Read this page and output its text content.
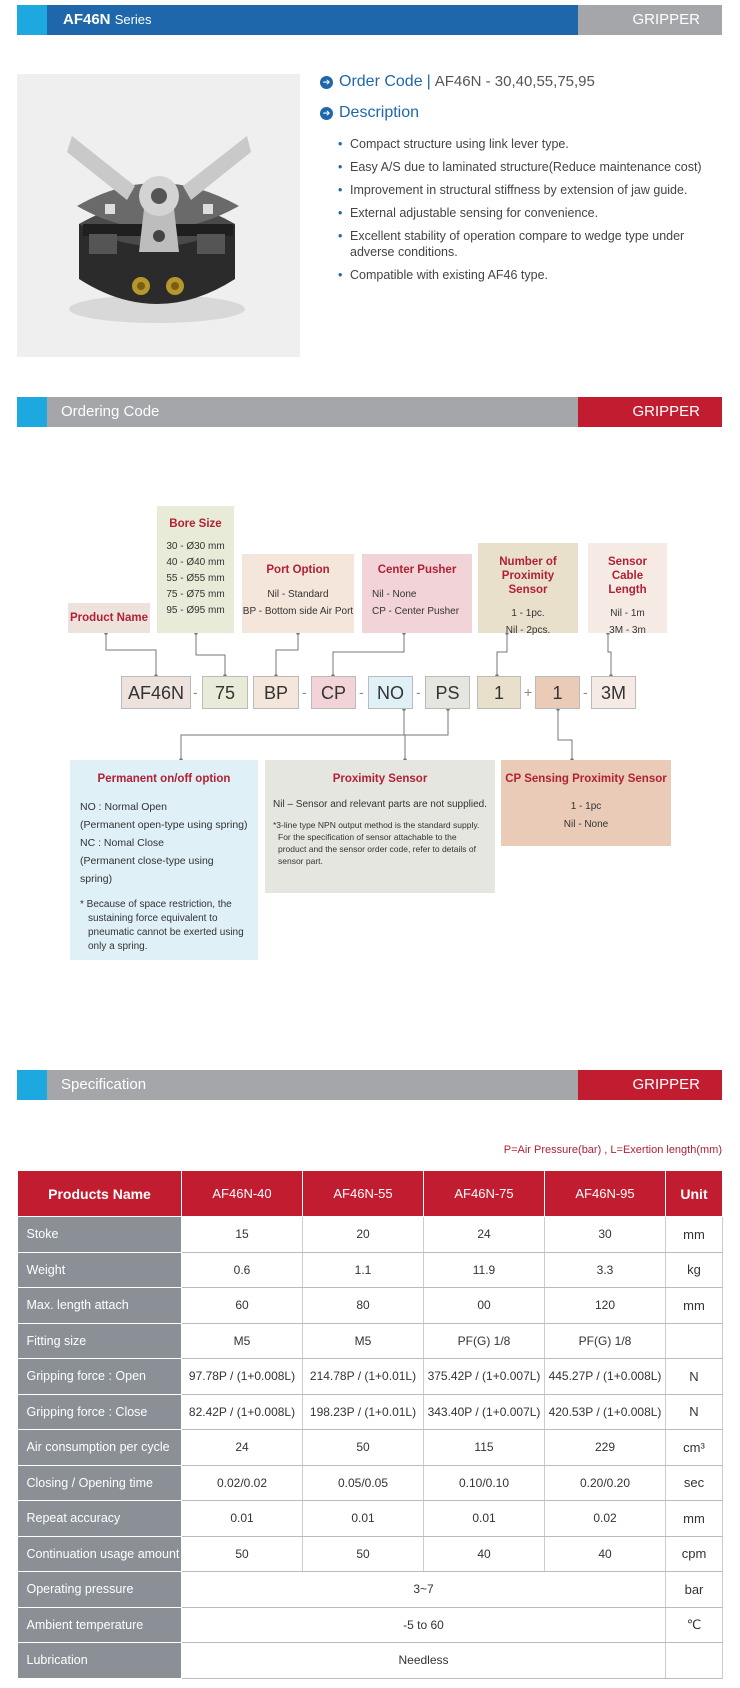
AF46N Series	GRIPPER
➔ Order Code | AF46N - 30,40,55,75,95
➔ Description
• Compact structure using link lever type.
• Easy A/S due to laminated structure(Reduce maintenance cost)
• Improvement in structural stiffness by extension of jaw guide.
• External adjustable sensing for convenience.
• Excellent stability of operation compare to wedge type under adverse conditions.
• Compatible with existing AF46 type.
Ordering Code	GRIPPER
Product Name
Bore Size
30 - Ø30 mm
40 - Ø40 mm
55 - Ø55 mm
75 - Ø75 mm
95 - Ø95 mm
Port Option
Nil - Standard
BP - Bottom side Air Port
Center Pusher
Nil - None
CP - Center Pusher
Number of Proximity Sensor
1 - 1pc.
Nil - 2pcs.
Sensor Cable Length
Nil - 1m
3M - 3m
AF46N - 75	BP	- CP - NO - PS	1	+	1	- 3M
Permanent on/off option
NO : Normal Open
(Permanent open-type using spring)
NC : Nomal Close
(Permanent close-type using spring)
* Because of space restriction, the sustaining force equivalent to pneumatic cannot be exerted using only a spring.
Proximity Sensor
Nil – Sensor and relevant parts are not supplied.
*3-line type NPN output method is the standard supply. For the specification of sensor attachable to the product and the sensor order code, refer to details of sensor part.
CP Sensing Proximity Sensor
1 - 1pc
Nil - None
Specification	GRIPPER
P=Air Pressure(bar) , L=Exertion length(mm)
Products Name	AF46N-40	AF46N-55	AF46N-75	AF46N-95	Unit
Stoke	15	20	24	30	mm
Weight	0.6	1.1	11.9	3.3	kg
Max. length attach	60	80	00	120	mm
Fitting size	M5	M5	PF(G) 1/8	PF(G) 1/8	
Gripping force : Open	97.78P / (1+0.008L)	214.78P / (1+0.01L)	375.42P / (1+0.007L)	445.27P / (1+0.008L)	N
Gripping force : Close	82.42P / (1+0.008L)	198.23P / (1+0.01L)	343.40P / (1+0.007L)	420.53P / (1+0.008L)	N
Air consumption per cycle	24	50	115	229	cm³
Closing / Opening time	0.02/0.02	0.05/0.05	0.10/0.10	0.20/0.20	sec
Repeat accuracy	0.01	0.01	0.01	0.02	mm
Continuation usage amount	50	50	40	40	cpm
Operating pressure	3~7				bar
Ambient temperature	-5 to 60				℃
Lubrication	Needless				
